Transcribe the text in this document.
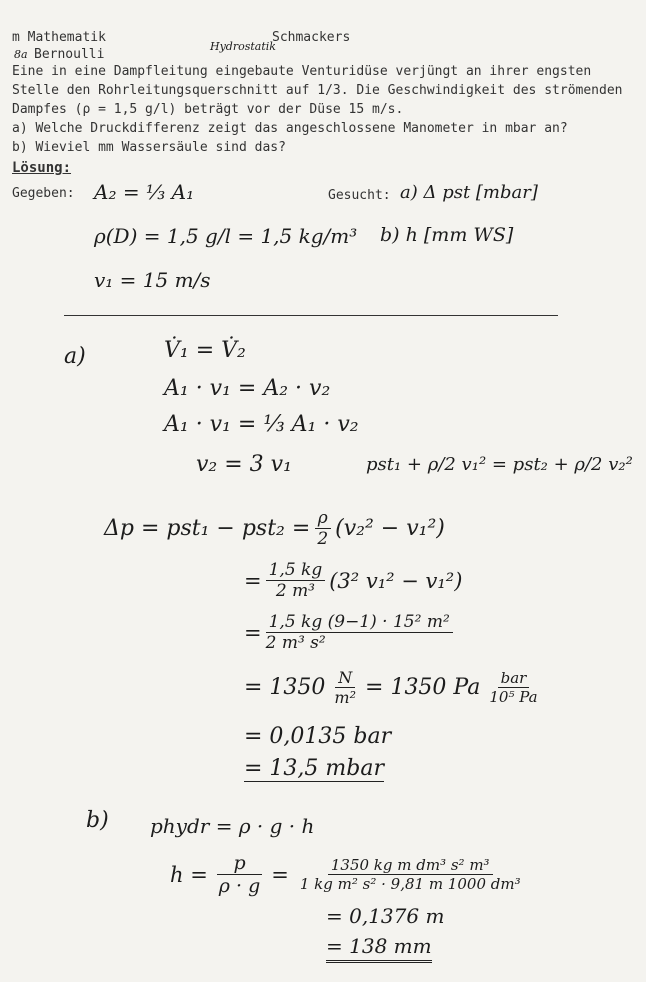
m Mathematik	Schmackers
8a Bernoulli
Hydrostatik
Eine in eine Dampfleitung eingebaute Venturidüse verjüngt an ihrer engsten
Stelle den Rohrleitungsquerschnitt auf 1/3. Die Geschwindigkeit des strömenden
Dampfes (ρ = 1,5 g/l) beträgt vor der Düse 15 m/s.
a) Welche Druckdifferenz zeigt das angeschlossene Manometer in mbar an?
b) Wieviel mm Wassersäule sind das?
Lösung:
Gegeben: A₂ = ⅓ A₁
ρ(D) = 1,5 g/l = 1,5 kg/m³
v₁ = 15 m/s
Gesucht: a) Δ pst [mbar]
b) h [mm WS]
a)	V̇₁ = V̇₂
A₁ · v₁ = A₂ · v₂
A₁ · v₁ = ⅓ A₁ · v₂
v₂ = 3 v₁	pst₁ + ρ/2 v₁² = pst₂ + ρ/2 v₂²
$\Delta p = pst_1 - pst_2 = \frac{\rho}{2} (v_2^2 - v_1^2)$
= $\frac{1,5 kg}{\text{2 m³}} (3^2$ v₁² − v₁²)
= $\frac{\text{1,5 kg (9−1) · 15² m²}}{\text{2 m³ s²}}$
= $1350 \frac{N}{\text{m²}} = 1350$ Pa $\frac{\text{bar}}{\text{10⁵ Pa}}$
= 0,0135 bar
= 13,5 mbar
b) phydr = ρ · g · h
$h = \frac{p}{\rho \cdot g} = \frac{\text{1350 kg m dm³ s² m³}}{\text{1 kg m² s² · 9,81 m 1000 dm³}}$
= 0,1376 m
= 138 mm
